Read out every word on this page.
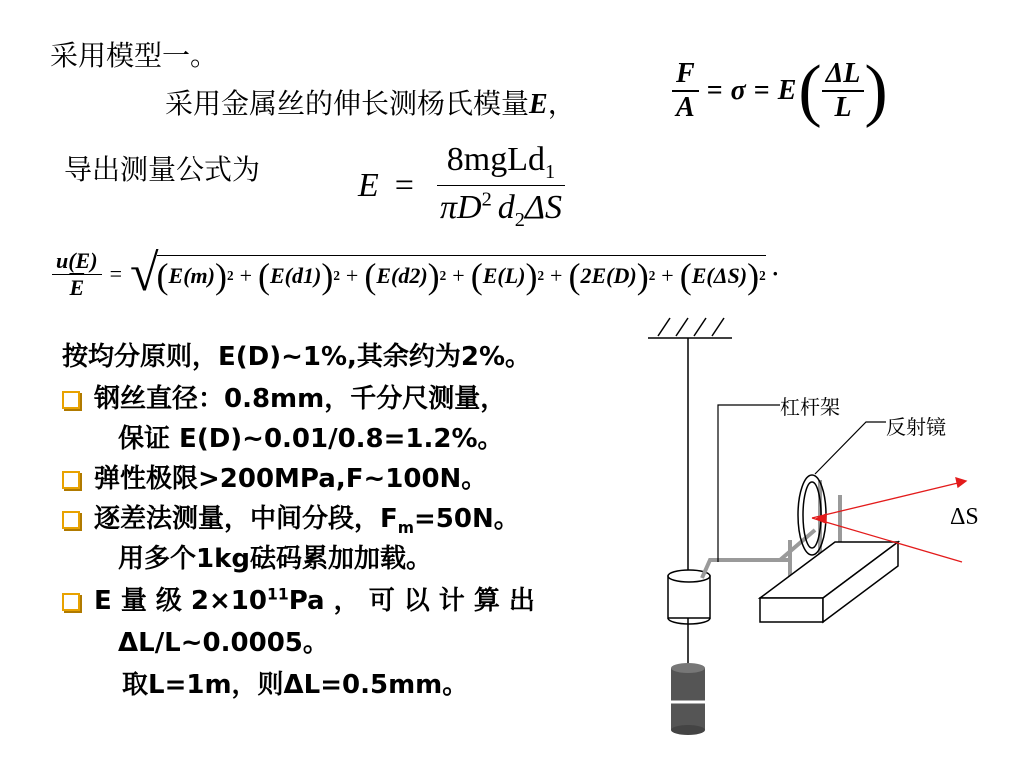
采用模型一。
采用金属丝的伸长测杨氏模量E，	$\frac{F}{A} = \sigma = E$ ( $\frac{\Delta L}{L}$ )
导出测量公式为	$E = \frac{8mgLd_1}{\pi D^2 d_2\Delta S}$
$\frac{u(E)}{E}$ = √
( E(m) ) 2 + ( E(d1) ) 2 + ( E(d2) ) 2 + ( E(L) ) 2 + ( 2E(D) ) 2 + ( E(ΔS) ) 2 ·
按均分原则，E(D)~1%,其余约为2%。
钢丝直径：0.8mm，千分尺测量，
保证 E(D)~0.01/0.8=1.2%。
弹性极限>200MPa,F~100N。
逐差法测量，中间分段，$F_m=50N$。
用多个1kg砝码累加加载。
E 量 级 $2\times 10^{11}Pa$ ， 可 以 计 算 出
ΔL/L~0.0005。
取L=1m，则ΔL=0.5mm。
杠杆架
反射镜
ΔS
